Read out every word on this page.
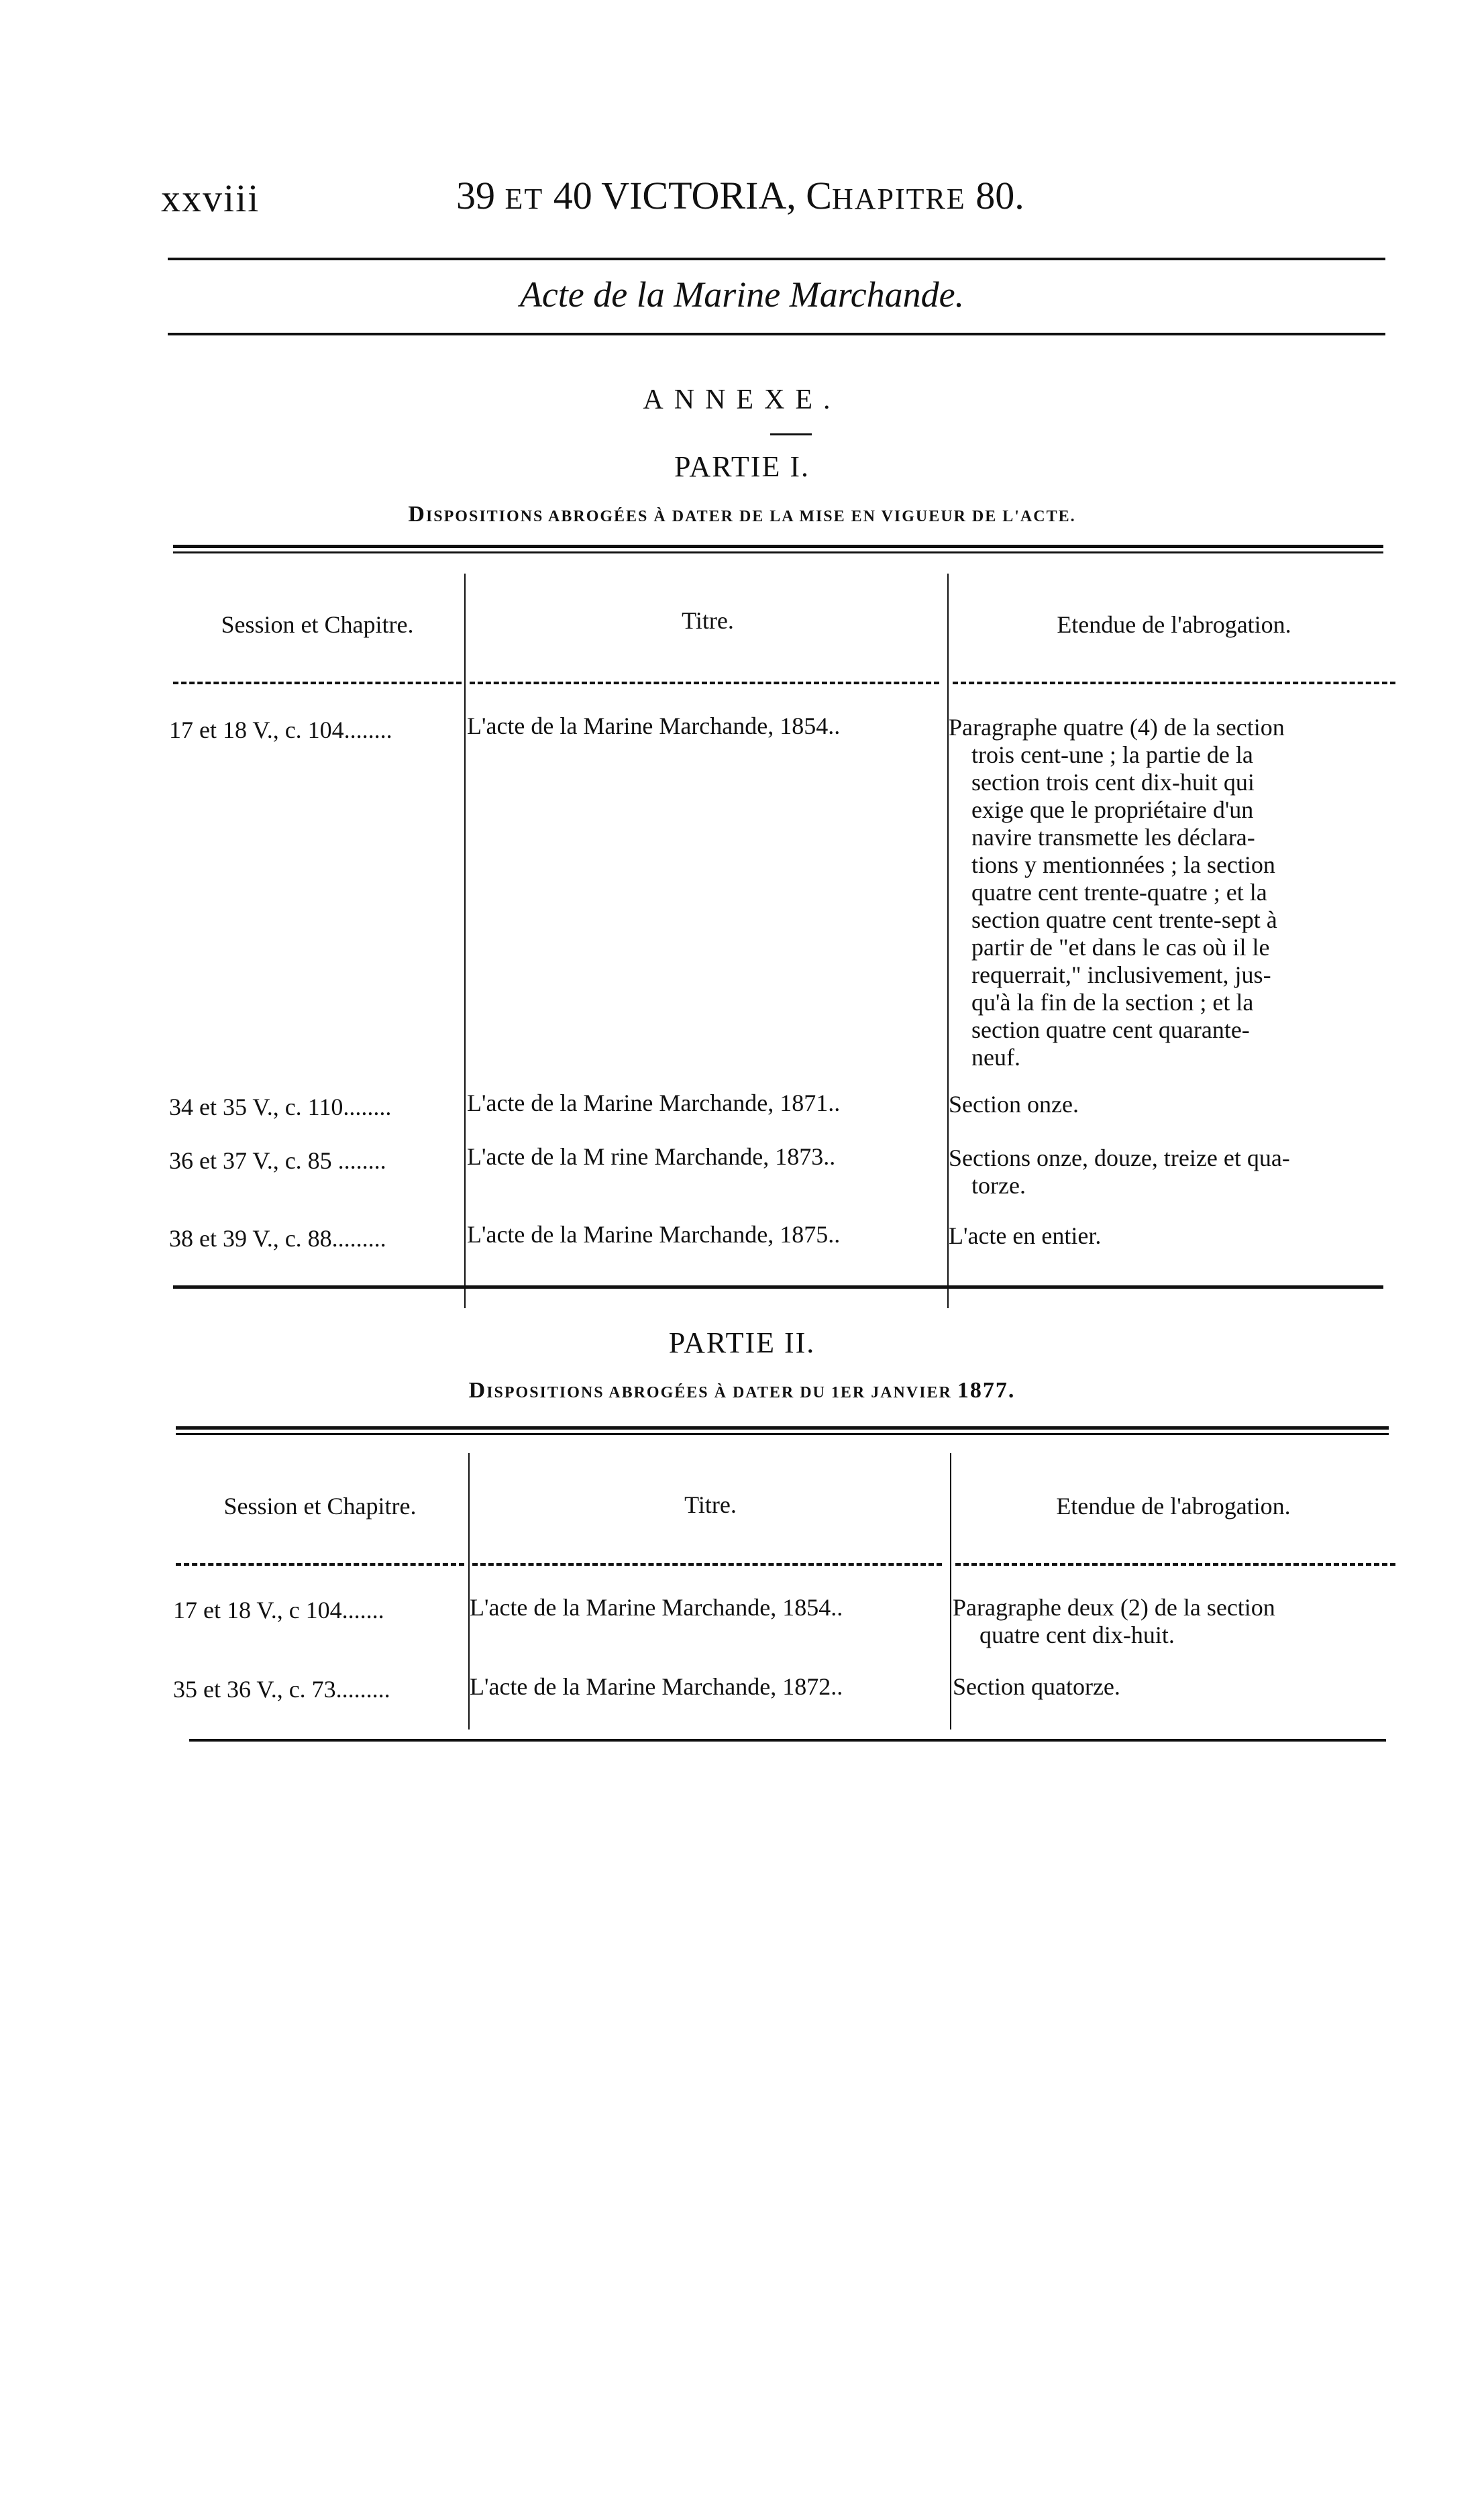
xxviii	39 ET 40 VICTORIA, CHAPITRE 80.
Acte de la Marine Marchande.
ANNEXE.
PARTIE I.
DISPOSITIONS ABROGÉES À DATER DE LA MISE EN VIGUEUR DE L'ACTE.
Session et Chapitre.	Titre.	Etendue de l'abrogation.
17 et 18 V., c. 104........	L'acte de la Marine Marchande, 1854..	Paragraphe quatre (4) de la section
trois cent-une ; la partie de la
section trois cent dix-huit qui
exige que le propriétaire d'un
navire transmette les déclara-
tions y mentionnées ; la section
quatre cent trente-quatre ; et la
section quatre cent trente-sept à
partir de "et dans le cas où il le
requerrait," inclusivement, jus-
qu'à la fin de la section ; et la
section quatre cent quarante-
neuf.
34 et 35 V., c. 110........	L'acte de la Marine Marchande, 1871..	Section onze.
36 et 37 V., c. 85 ........	L'acte de la M rine Marchande, 1873..	Sections onze, douze, treize et qua-
torze.
38 et 39 V., c. 88.........	L'acte de la Marine Marchande, 1875..	L'acte en entier.
PARTIE II.
DISPOSITIONS ABROGÉES À DATER DU 1ER JANVIER 1877.
Session et Chapitre.	Titre.	Etendue de l'abrogation.
17 et 18 V., c 104.......	L'acte de la Marine Marchande, 1854..	Paragraphe deux (2) de la section
quatre cent dix-huit.
35 et 36 V., c. 73.........	L'acte de la Marine Marchande, 1872..	Section quatorze.
